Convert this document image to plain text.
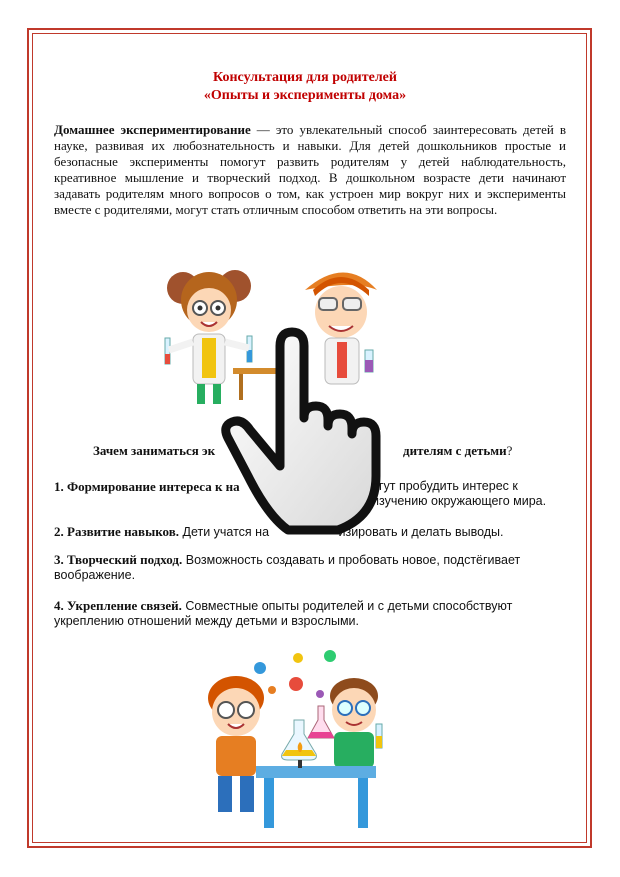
Консультация для родителей
«Опыты и эксперименты дома»
Домашнее экспериментирование — это увлекательный способ заинтересовать детей в науке, развивая их любознательность и навыки. Для детей дошкольников простые и безопасные эксперименты помогут развить родителям у детей наблюдательность, креативное мышление и творческий подход. В дошкольном возрасте дети начинают задавать родителям много вопросов о том, как устроен мир вокруг них и эксперименты вместе с родителями, могут стать отличным способом ответить на эти вопросы.
Зачем заниматься эк	дителям с детьми?
1. Формирование интереса к на	огут пробудить интерес к изучению окружающего мира.
2. Развитие навыков. Дети учатся на                    изировать и делать выводы.
3. Творческий подход. Возможность создавать и пробовать новое, подстёгивает воображение.
4. Укрепление связей. Совместные опыты родителей и с детьми способствуют укреплению отношений между детьми и взрослыми.
